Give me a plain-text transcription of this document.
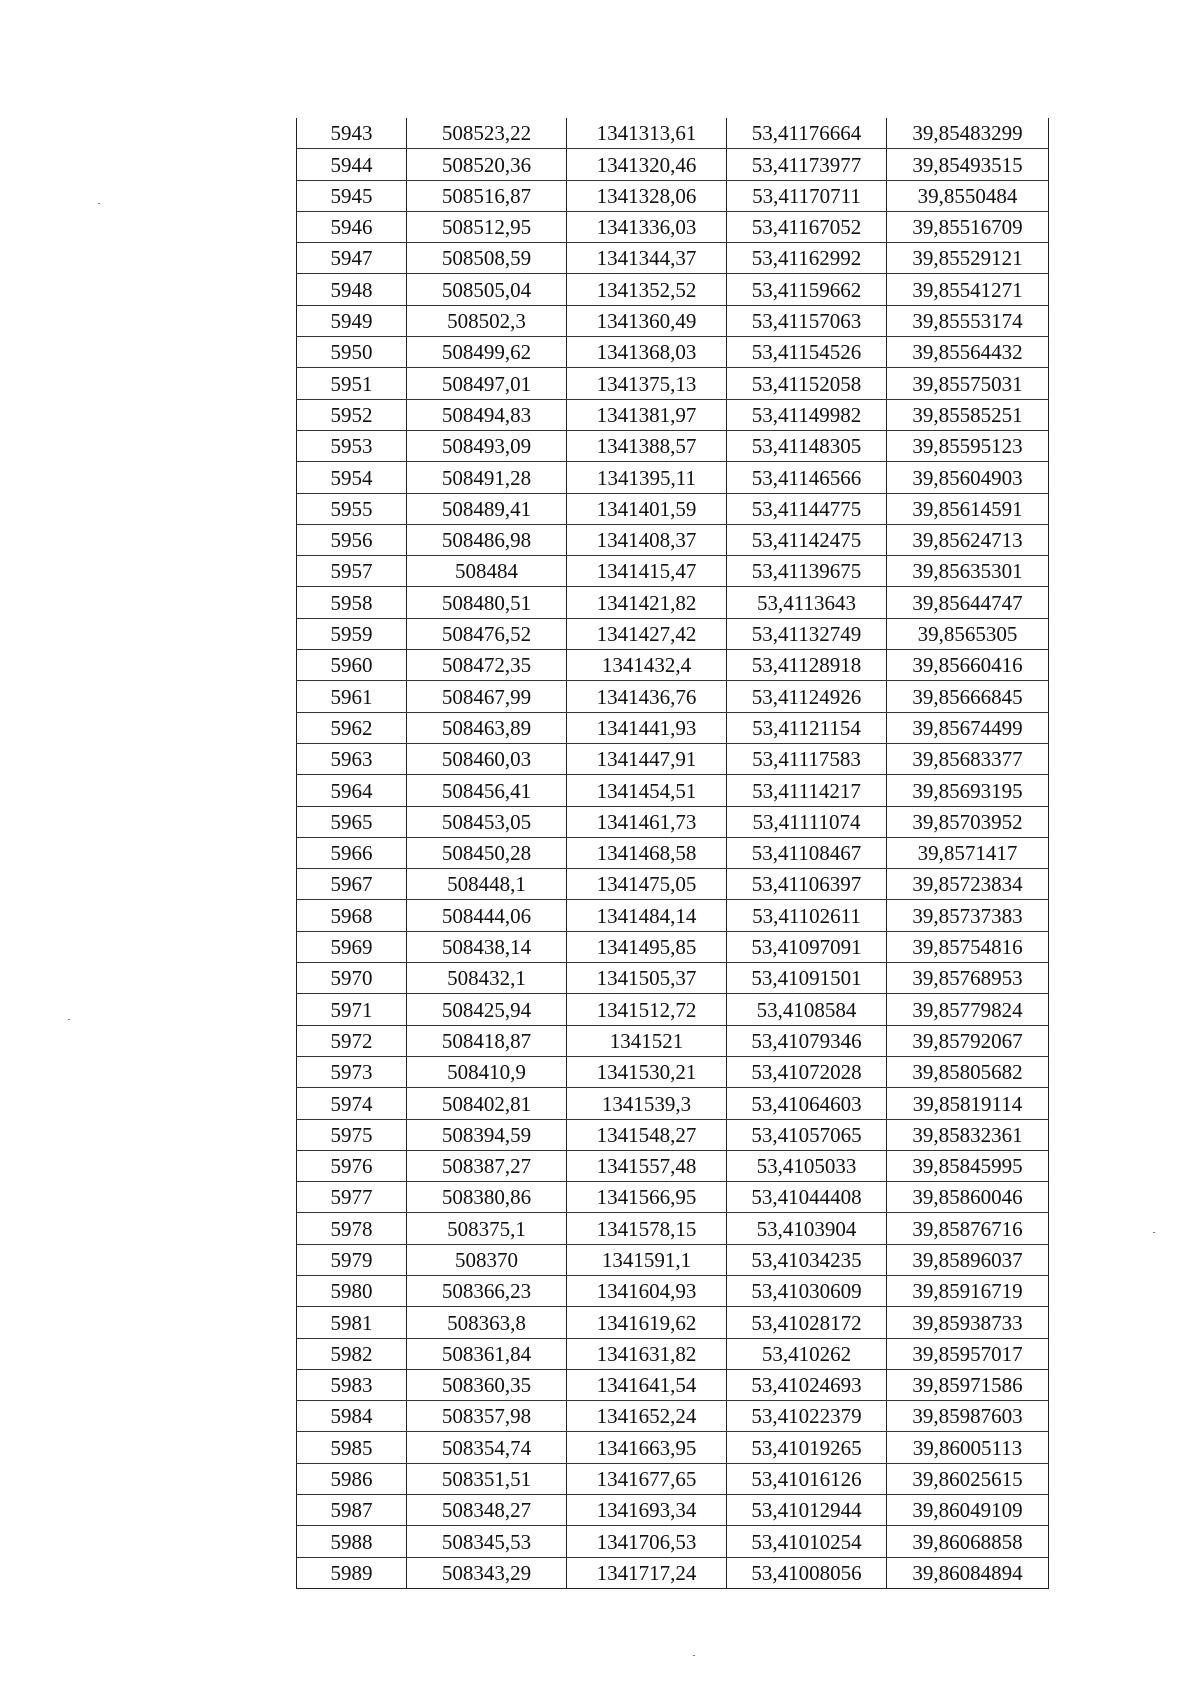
5943	508523,22	1341313,61	53,41176664	39,85483299
5944	508520,36	1341320,46	53,41173977	39,85493515
5945	508516,87	1341328,06	53,41170711	39,8550484
5946	508512,95	1341336,03	53,41167052	39,85516709
5947	508508,59	1341344,37	53,41162992	39,85529121
5948	508505,04	1341352,52	53,41159662	39,85541271
5949	508502,3	1341360,49	53,41157063	39,85553174
5950	508499,62	1341368,03	53,41154526	39,85564432
5951	508497,01	1341375,13	53,41152058	39,85575031
5952	508494,83	1341381,97	53,41149982	39,85585251
5953	508493,09	1341388,57	53,41148305	39,85595123
5954	508491,28	1341395,11	53,41146566	39,85604903
5955	508489,41	1341401,59	53,41144775	39,85614591
5956	508486,98	1341408,37	53,41142475	39,85624713
5957	508484	1341415,47	53,41139675	39,85635301
5958	508480,51	1341421,82	53,4113643	39,85644747
5959	508476,52	1341427,42	53,41132749	39,8565305
5960	508472,35	1341432,4	53,41128918	39,85660416
5961	508467,99	1341436,76	53,41124926	39,85666845
5962	508463,89	1341441,93	53,41121154	39,85674499
5963	508460,03	1341447,91	53,41117583	39,85683377
5964	508456,41	1341454,51	53,41114217	39,85693195
5965	508453,05	1341461,73	53,41111074	39,85703952
5966	508450,28	1341468,58	53,41108467	39,8571417
5967	508448,1	1341475,05	53,41106397	39,85723834
5968	508444,06	1341484,14	53,41102611	39,85737383
5969	508438,14	1341495,85	53,41097091	39,85754816
5970	508432,1	1341505,37	53,41091501	39,85768953
5971	508425,94	1341512,72	53,4108584	39,85779824
5972	508418,87	1341521	53,41079346	39,85792067
5973	508410,9	1341530,21	53,41072028	39,85805682
5974	508402,81	1341539,3	53,41064603	39,85819114
5975	508394,59	1341548,27	53,41057065	39,85832361
5976	508387,27	1341557,48	53,4105033	39,85845995
5977	508380,86	1341566,95	53,41044408	39,85860046
5978	508375,1	1341578,15	53,4103904	39,85876716
5979	508370	1341591,1	53,41034235	39,85896037
5980	508366,23	1341604,93	53,41030609	39,85916719
5981	508363,8	1341619,62	53,41028172	39,85938733
5982	508361,84	1341631,82	53,410262	39,85957017
5983	508360,35	1341641,54	53,41024693	39,85971586
5984	508357,98	1341652,24	53,41022379	39,85987603
5985	508354,74	1341663,95	53,41019265	39,86005113
5986	508351,51	1341677,65	53,41016126	39,86025615
5987	508348,27	1341693,34	53,41012944	39,86049109
5988	508345,53	1341706,53	53,41010254	39,86068858
5989	508343,29	1341717,24	53,41008056	39,86084894
